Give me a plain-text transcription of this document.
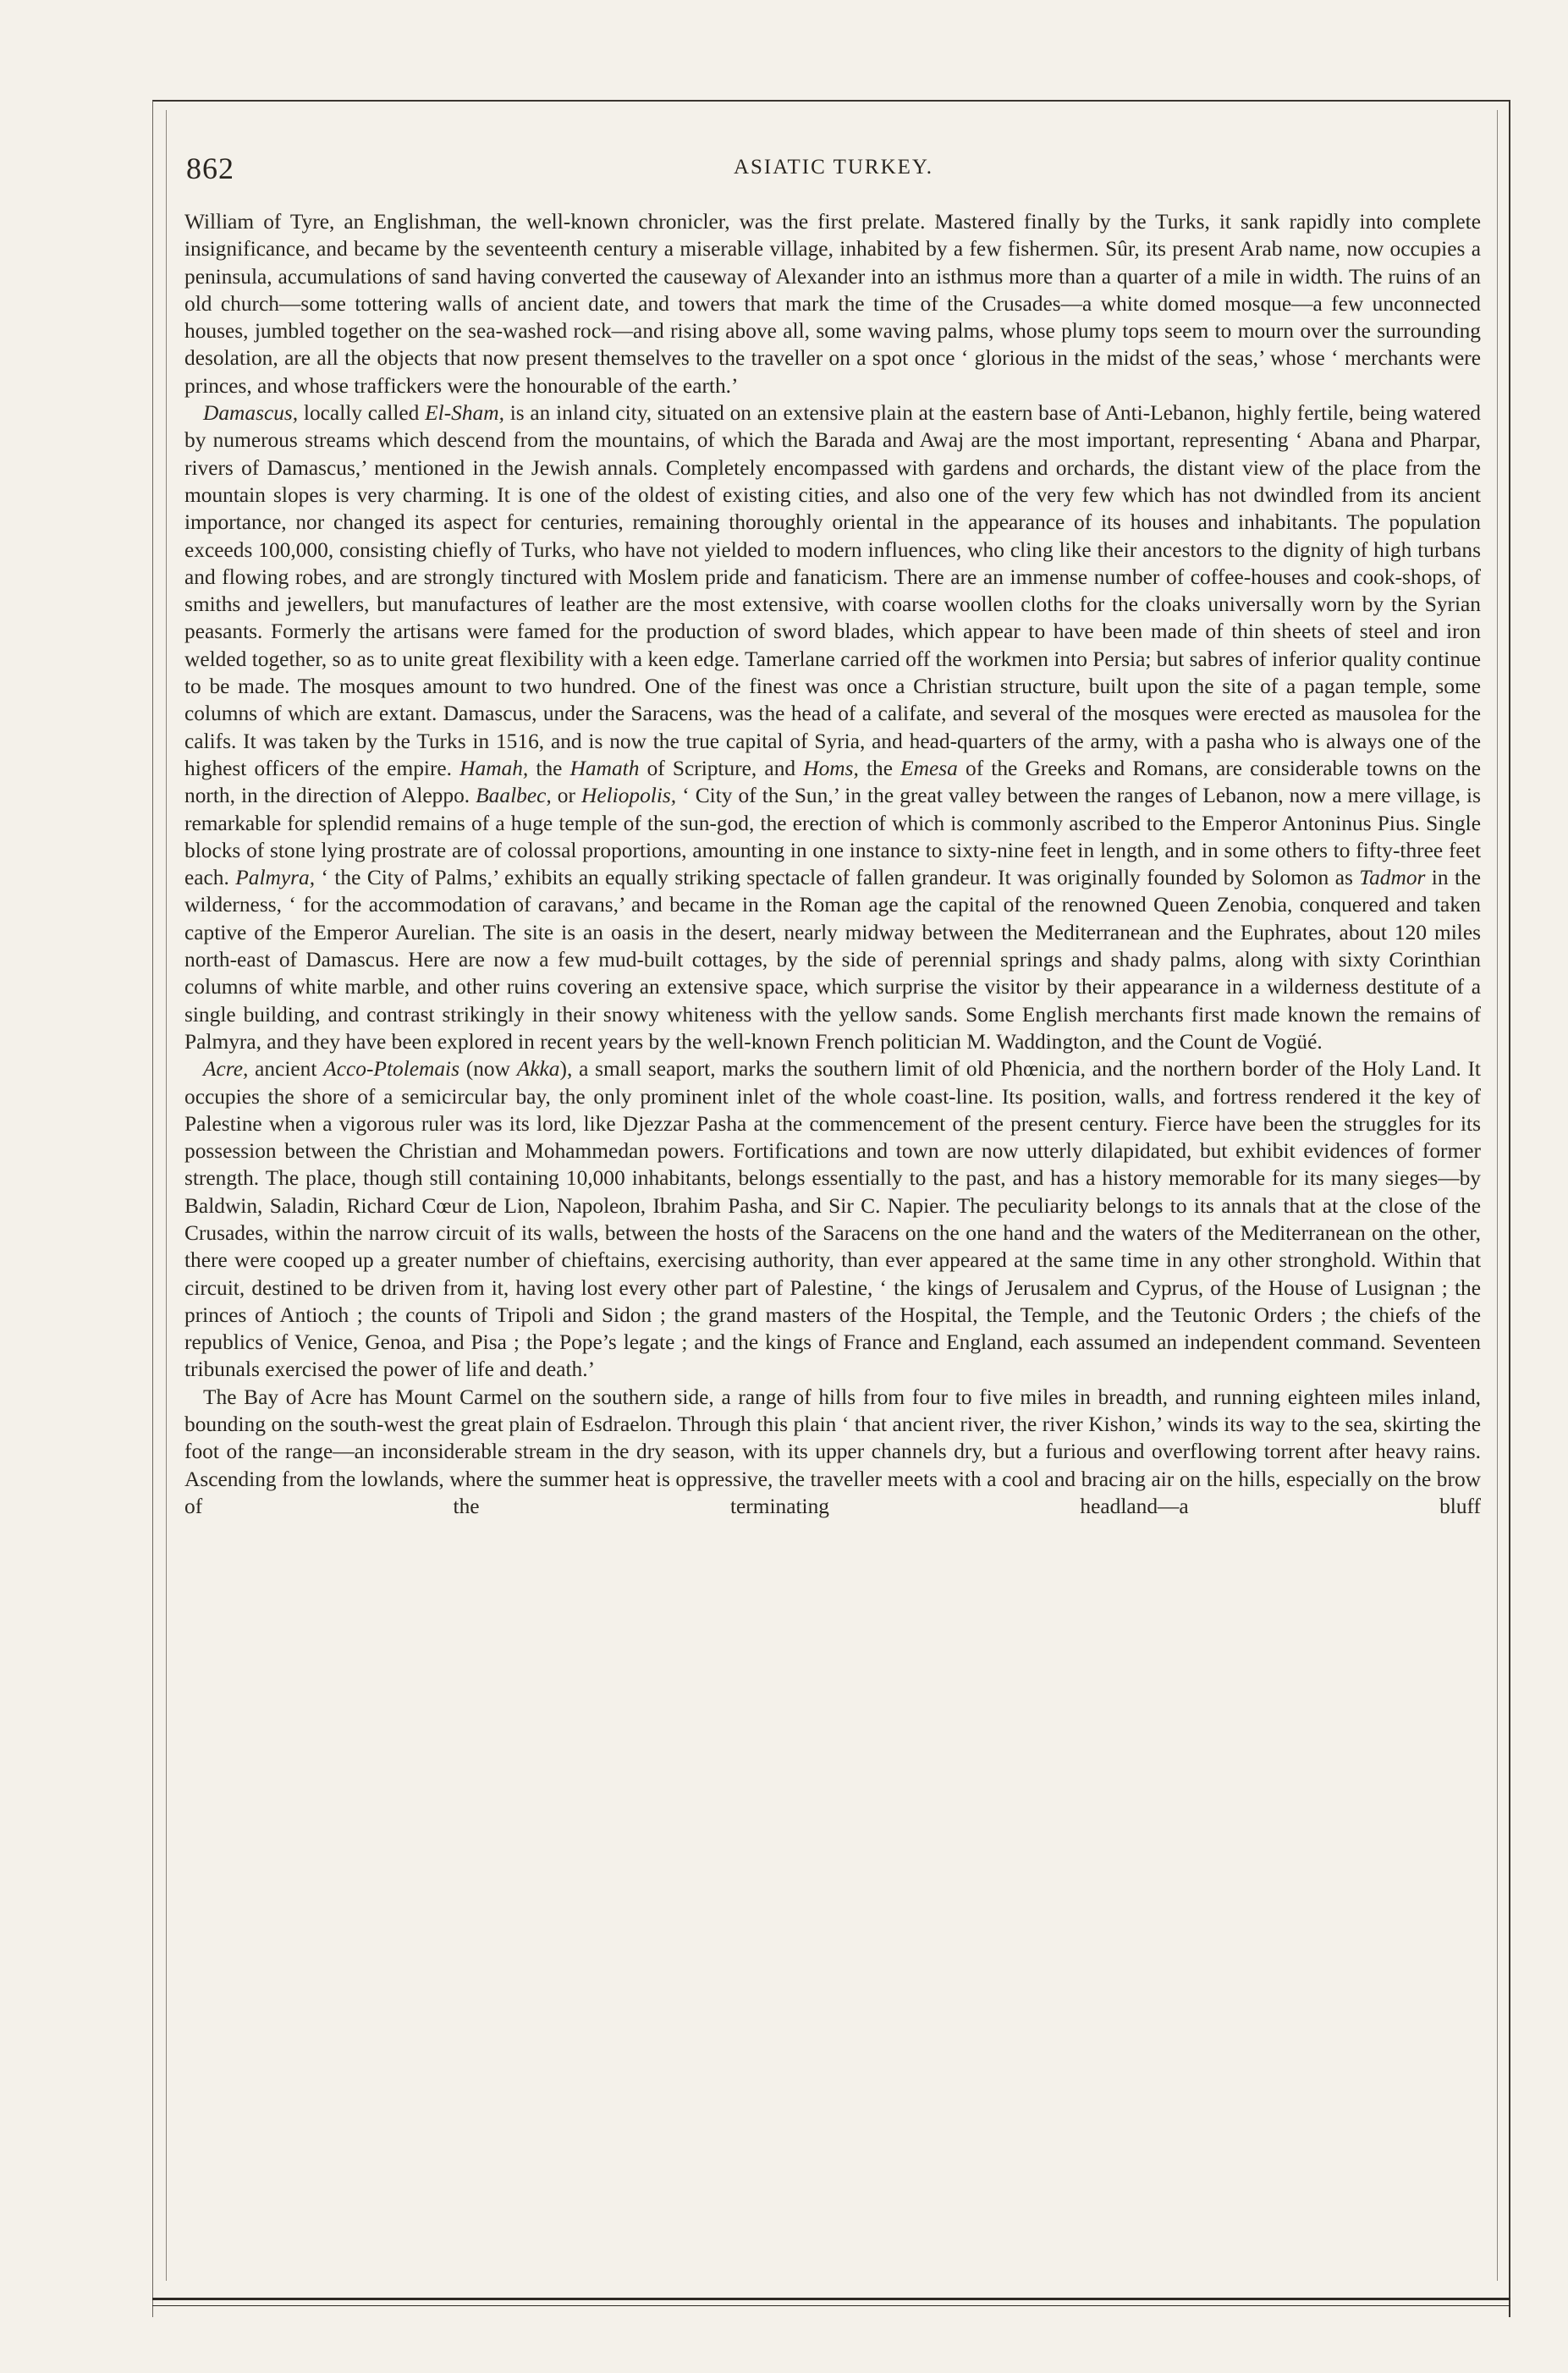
862	ASIATIC TURKEY.

William of Tyre, an Englishman, the well-known chronicler, was the first prelate. Mastered finally by the Turks, it sank rapidly into complete insignificance, and became by the seventeenth century a miserable village, inhabited by a few fishermen. Sûr, its present Arab name, now occupies a peninsula, accumulations of sand having converted the causeway of Alexander into an isthmus more than a quarter of a mile in width. The ruins of an old church—some tottering walls of ancient date, and towers that mark the time of the Crusades—a white domed mosque—a few unconnected houses, jumbled together on the sea-washed rock—and rising above all, some waving palms, whose plumy tops seem to mourn over the surrounding desolation, are all the objects that now present themselves to the traveller on a spot once ‘ glorious in the midst of the seas,’ whose ‘ merchants were princes, and whose traffickers were the honourable of the earth.’

Damascus, locally called El-Sham, is an inland city, situated on an extensive plain at the eastern base of Anti-Lebanon, highly fertile, being watered by numerous streams which descend from the mountains, of which the Barada and Awaj are the most important, representing ‘ Abana and Pharpar, rivers of Damascus,’ mentioned in the Jewish annals. Completely encompassed with gardens and orchards, the distant view of the place from the mountain slopes is very charming. It is one of the oldest of existing cities, and also one of the very few which has not dwindled from its ancient importance, nor changed its aspect for centuries, remaining thoroughly oriental in the appearance of its houses and inhabitants. The population exceeds 100,000, consisting chiefly of Turks, who have not yielded to modern influences, who cling like their ancestors to the dignity of high turbans and flowing robes, and are strongly tinctured with Moslem pride and fanaticism. There are an immense number of coffee-houses and cook-shops, of smiths and jewellers, but manufactures of leather are the most extensive, with coarse woollen cloths for the cloaks universally worn by the Syrian peasants. Formerly the artisans were famed for the production of sword blades, which appear to have been made of thin sheets of steel and iron welded together, so as to unite great flexibility with a keen edge. Tamerlane carried off the workmen into Persia; but sabres of inferior quality continue to be made. The mosques amount to two hundred. One of the finest was once a Christian structure, built upon the site of a pagan temple, some columns of which are extant. Damascus, under the Saracens, was the head of a califate, and several of the mosques were erected as mausolea for the califs. It was taken by the Turks in 1516, and is now the true capital of Syria, and head-quarters of the army, with a pasha who is always one of the highest officers of the empire. Hamah, the Hamath of Scripture, and Homs, the Emesa of the Greeks and Romans, are considerable towns on the north, in the direction of Aleppo. Baalbec, or Heliopolis, ‘ City of the Sun,’ in the great valley between the ranges of Lebanon, now a mere village, is remarkable for splendid remains of a huge temple of the sun-god, the erection of which is commonly ascribed to the Emperor Antoninus Pius. Single blocks of stone lying prostrate are of colossal proportions, amounting in one instance to sixty-nine feet in length, and in some others to fifty-three feet each. Palmyra, ‘ the City of Palms,’ exhibits an equally striking spectacle of fallen grandeur. It was originally founded by Solomon as Tadmor in the wilderness, ‘ for the accommodation of caravans,’ and became in the Roman age the capital of the renowned Queen Zenobia, conquered and taken captive of the Emperor Aurelian. The site is an oasis in the desert, nearly midway between the Mediterranean and the Euphrates, about 120 miles north-east of Damascus. Here are now a few mud-built cottages, by the side of perennial springs and shady palms, along with sixty Corinthian columns of white marble, and other ruins covering an extensive space, which surprise the visitor by their appearance in a wilderness destitute of a single building, and contrast strikingly in their snowy whiteness with the yellow sands. Some English merchants first made known the remains of Palmyra, and they have been explored in recent years by the well-known French politician M. Waddington, and the Count de Vogüé.

Acre, ancient Acco-Ptolemais (now Akka), a small seaport, marks the southern limit of old Phœnicia, and the northern border of the Holy Land. It occupies the shore of a semicircular bay, the only prominent inlet of the whole coast-line. Its position, walls, and fortress rendered it the key of Palestine when a vigorous ruler was its lord, like Djezzar Pasha at the commencement of the present century. Fierce have been the struggles for its possession between the Christian and Mohammedan powers. Fortifications and town are now utterly dilapidated, but exhibit evidences of former strength. The place, though still containing 10,000 inhabitants, belongs essentially to the past, and has a history memorable for its many sieges—by Baldwin, Saladin, Richard Cœur de Lion, Napoleon, Ibrahim Pasha, and Sir C. Napier. The peculiarity belongs to its annals that at the close of the Crusades, within the narrow circuit of its walls, between the hosts of the Saracens on the one hand and the waters of the Mediterranean on the other, there were cooped up a greater number of chieftains, exercising authority, than ever appeared at the same time in any other stronghold. Within that circuit, destined to be driven from it, having lost every other part of Palestine, ‘ the kings of Jerusalem and Cyprus, of the House of Lusignan ; the princes of Antioch ; the counts of Tripoli and Sidon ; the grand masters of the Hospital, the Temple, and the Teutonic Orders ; the chiefs of the republics of Venice, Genoa, and Pisa ; the Pope’s legate ; and the kings of France and England, each assumed an independent command. Seventeen tribunals exercised the power of life and death.’

The Bay of Acre has Mount Carmel on the southern side, a range of hills from four to five miles in breadth, and running eighteen miles inland, bounding on the south-west the great plain of Esdraelon. Through this plain ‘ that ancient river, the river Kishon,’ winds its way to the sea, skirting the foot of the range—an inconsiderable stream in the dry season, with its upper channels dry, but a furious and overflowing torrent after heavy rains. Ascending from the lowlands, where the summer heat is oppressive, the traveller meets with a cool and bracing air on the hills, especially on the brow of the terminating headland—a bluff
